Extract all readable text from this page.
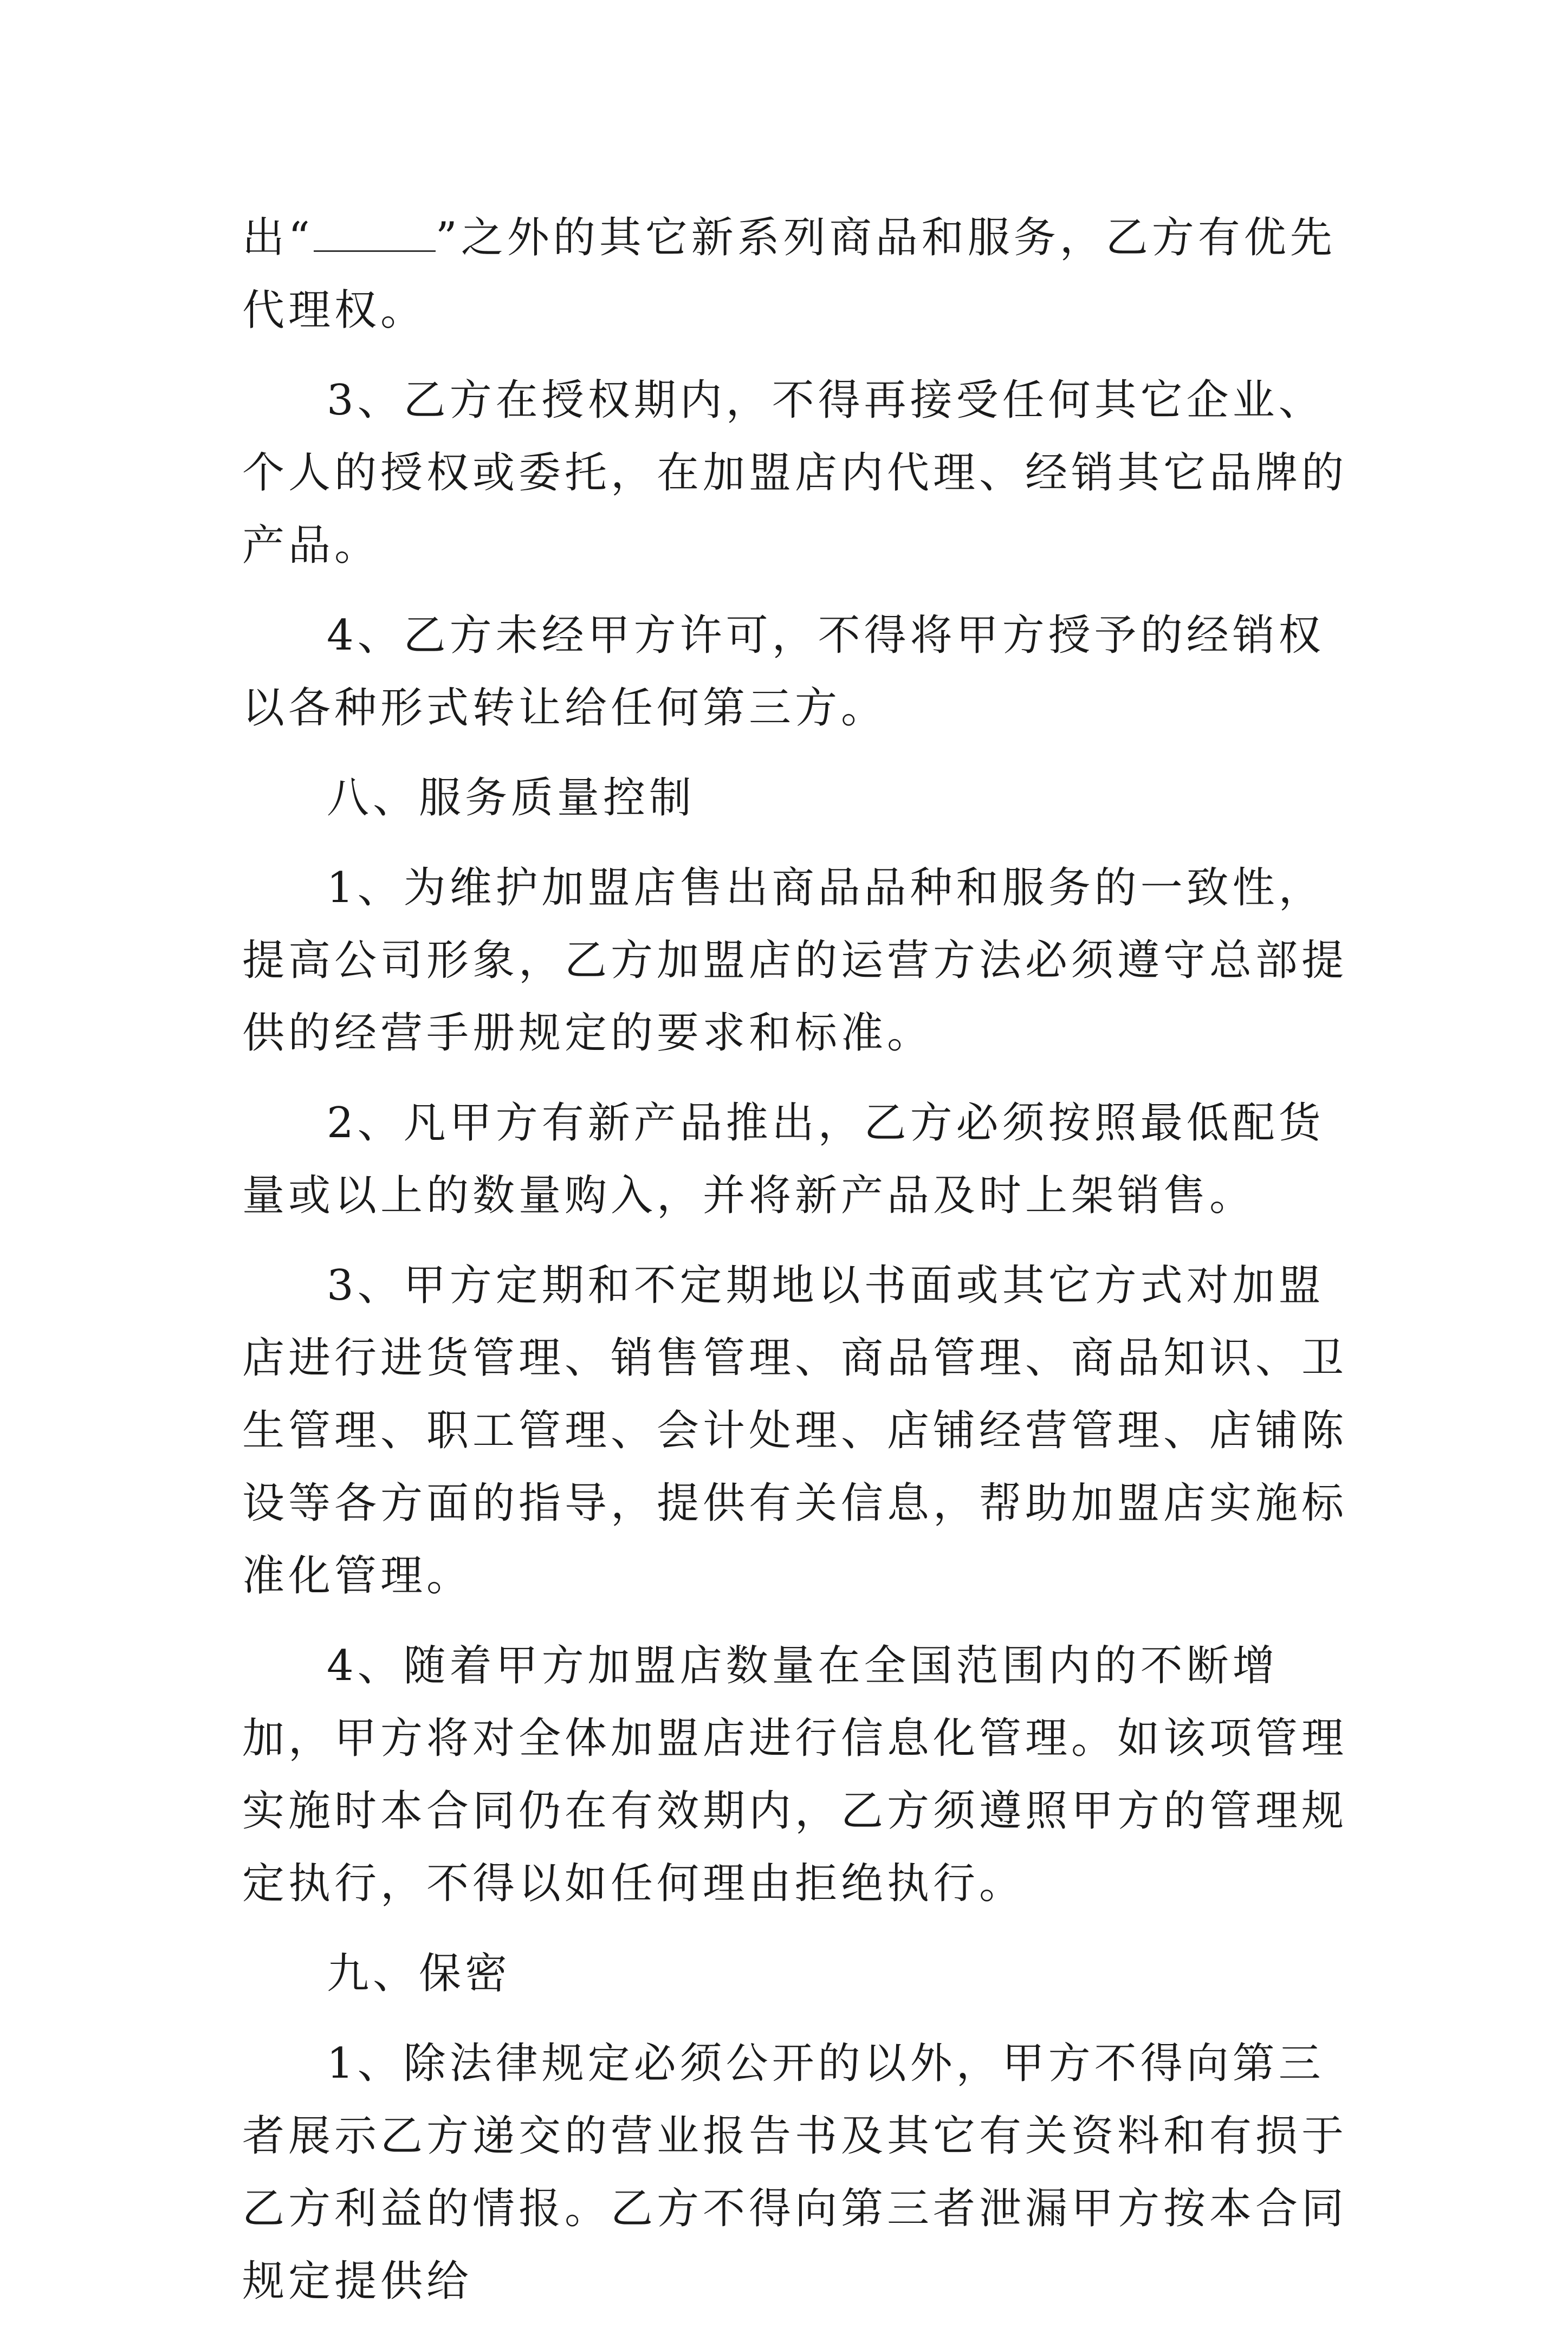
出“	”之外的其它新系列商品和服务，乙方有优先代理权。

3、乙方在授权期内，不得再接受任何其它企业、个人的授权或委托，在加盟店内代理、经销其它品牌的产品。

4、乙方未经甲方许可，不得将甲方授予的经销权以各种形式转让给任何第三方。

八、服务质量控制

1、为维护加盟店售出商品品种和服务的一致性，提高公司形象，乙方加盟店的运营方法必须遵守总部提供的经营手册规定的要求和标准。

2、凡甲方有新产品推出，乙方必须按照最低配货量或以上的数量购入，并将新产品及时上架销售。

3、甲方定期和不定期地以书面或其它方式对加盟店进行进货管理、销售管理、商品管理、商品知识、卫生管理、职工管理、会计处理、店铺经营管理、店铺陈设等各方面的指导，提供有关信息，帮助加盟店实施标准化管理。

4、随着甲方加盟店数量在全国范围内的不断增加，甲方将对全体加盟店进行信息化管理。如该项管理实施时本合同仍在有效期内，乙方须遵照甲方的管理规定执行，不得以如任何理由拒绝执行。

九、保密

1、除法律规定必须公开的以外，甲方不得向第三者展示乙方递交的营业报告书及其它有关资料和有损于乙方利益的情报。乙方不得向第三者泄漏甲方按本合同规定提供给
